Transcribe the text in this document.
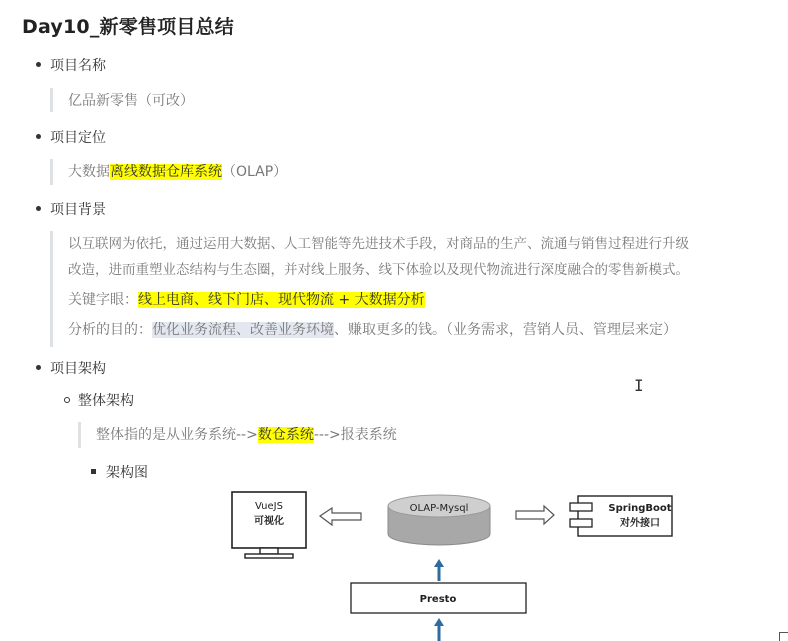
Day10_新零售项目总结
项目名称
亿品新零售（可改）
项目定位
大数据离线数据仓库系统（OLAP）
项目背景
以互联网为依托，通过运用大数据、人工智能等先进技术手段，对商品的生产、流通与销售过程进行升级
改造，进而重塑业态结构与生态圈，并对线上服务、线下体验以及现代物流进行深度融合的零售新模式。
关键字眼：线上电商、线下门店、现代物流 + 大数据分析
分析的目的：优化业务流程、改善业务环境、赚取更多的钱。（业务需求，营销人员、管理层来定）
项目架构
整体架构
整体指的是从业务系统-->数仓系统--->报表系统
架构图
VueJS
可视化
OLAP-Mysql
Presto
SpringBoot
对外接口
I
